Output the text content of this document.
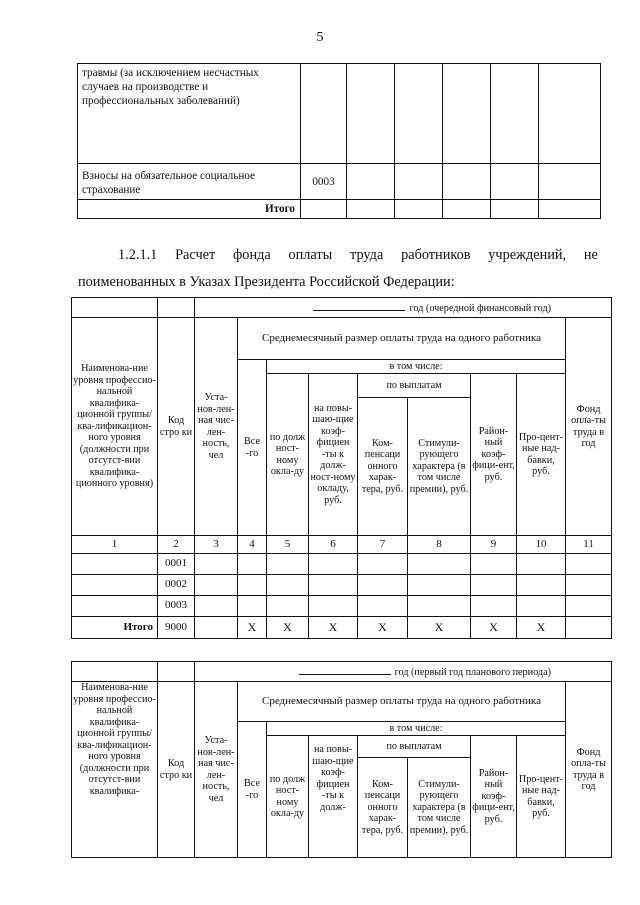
5
травмы (за исключением несчастных случаев на производстве и профессиональных заболеваний)						
Взносы на обязательное социальное страхование	0003					
Итого						
1.2.1.1 Расчет фонда оплаты труда работников учреждений, не
поименованных в Указах Президента Российской Федерации:
		год (очередной финансовый год)								
Наименова-ние уровня профессио-нальной квалифика-ционной группы/ква-лификацион-ного уровня (должности при отсутст-вии квалифика-ционного уровня)	Код стро ки	Уста-нов-лен-ная чис-лен-ность, чел	Среднемесячный размер оплаты труда на одного работника							Фонд опла-ты труда в год
			Все -го	в том числе:						
				по долж ност-ному окла-ду	на повы-шаю-щие коэф-фициен -ты к долж-ност-ному окладу, руб.	по выплатам		Район-ный коэф-фици-ент, руб.	Про-цент-ные над-бавки, руб.	
						Ком-пенсаци онного харак-тера, руб.	Стимули-рующего характера (в том числе премии), руб.			
1	2	3	4	5	6	7	8	9	10	11
	0001									
	0002									
	0003									
Итого	9000		Х	Х	Х	Х	Х	Х	Х	
		год (первый год планового периода)								

Наименова-ние уровня профессио-нальной квалифика-ционной группы/ква-лификацион-ного уровня (должности при отсутст-вии квалифика-	Код стро ки	Уста-нов-лен-ная чис-лен-ность, чел	Среднемесячный размер оплаты труда на одного работника							Фонд опла-ты труда в год
			Все -го	в том числе:						
				по долж ност-ному окла-ду	на повы-шаю-щие коэф-фициен -ты к долж-	по выплатам		Район-ный коэф-фици-ент, руб.	Про-цент-ные над-бавки, руб.	
						Ком-пенсаци онного харак-тера, руб.	Стимули-рующего характера (в том числе премии), руб.			
